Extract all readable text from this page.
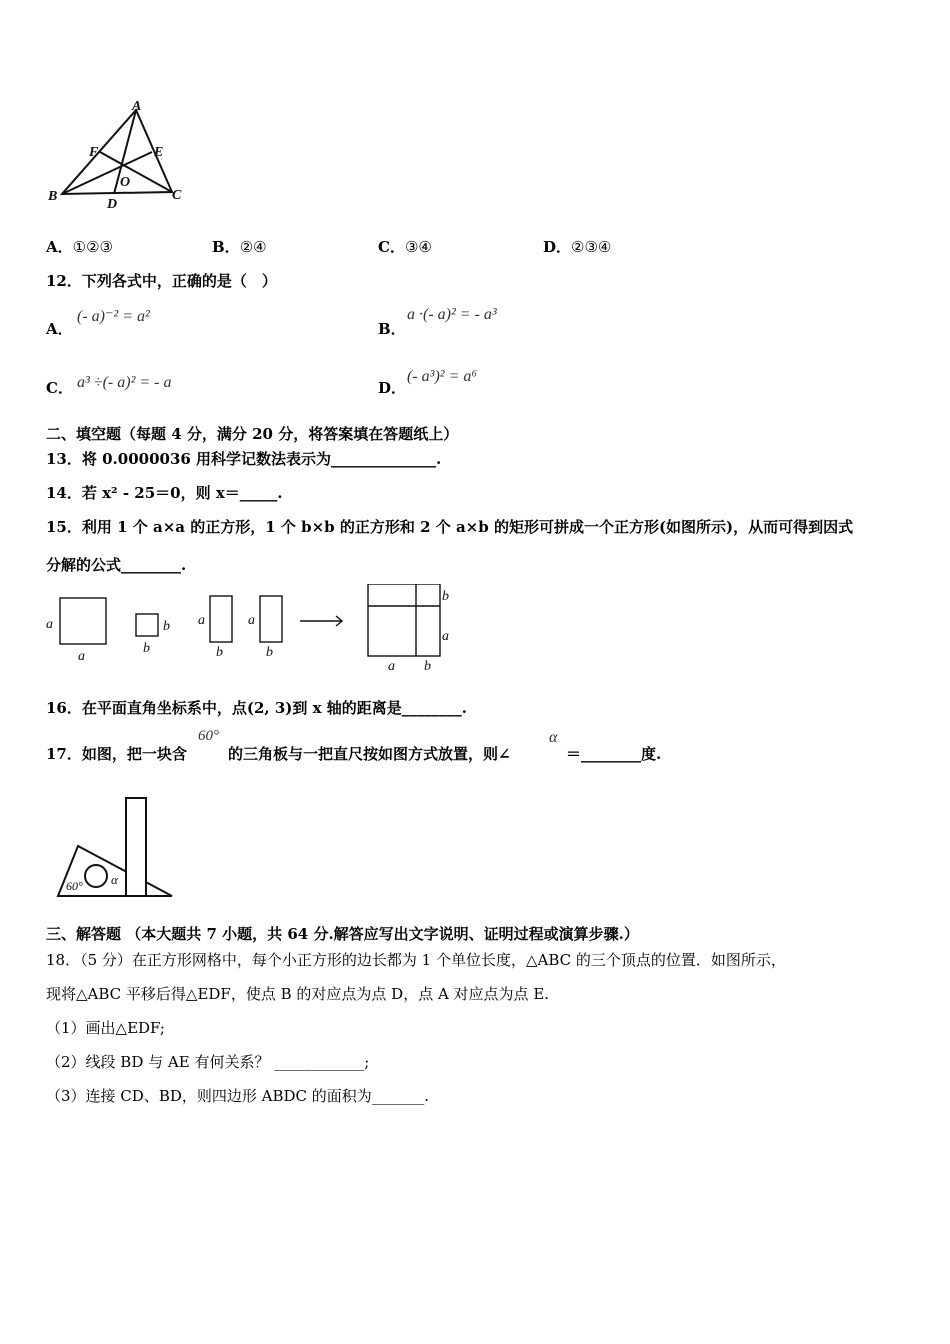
A
B	C
D
E
F
O
A．①②③	B．②④	C．③④	D．②③④
12．下列各式中，正确的是（　）
A．
(- a)⁻² = a²
B．
a ·(- a)² = - a³
C． a³ ÷(- a)² = - a	D．
(- a³)² = a⁶
二、填空题（每题 4 分，满分 20 分，将答案填在答题纸上）
13．将 0.0000036 用科学记数法表示为______________.
14．若 x² - 25＝0，则 x＝_____.
15．利用 1 个 a×a 的正方形，1 个 b×b 的正方形和 2 个 a×b 的矩形可拼成一个正方形(如图所示)，从而可得到因式
分解的公式________.
a
a
b
b
a
b
a
b
b
a
a b
16．在平面直角坐标系中，点(2, 3)到 x 轴的距离是________.
17．如图，把一块含
60°
的三角板与一把直尺按如图方式放置，则∠
α
＝________度.
60° α
三、解答题 （本大题共 7 小题，共 64 分.解答应写出文字说明、证明过程或演算步骤.）
18．（5 分）在正方形网格中，每个小正方形的边长都为 1 个单位长度，△ABC 的三个顶点的位置．如图所示，
现将△ABC 平移后得△EDF，使点 B 的对应点为点 D，点 A 对应点为点 E.
（1）画出△EDF;
（2）线段 BD 与 AE 有何关系？ ____________;
（3）连接 CD、BD，则四边形 ABDC 的面积为_______.
